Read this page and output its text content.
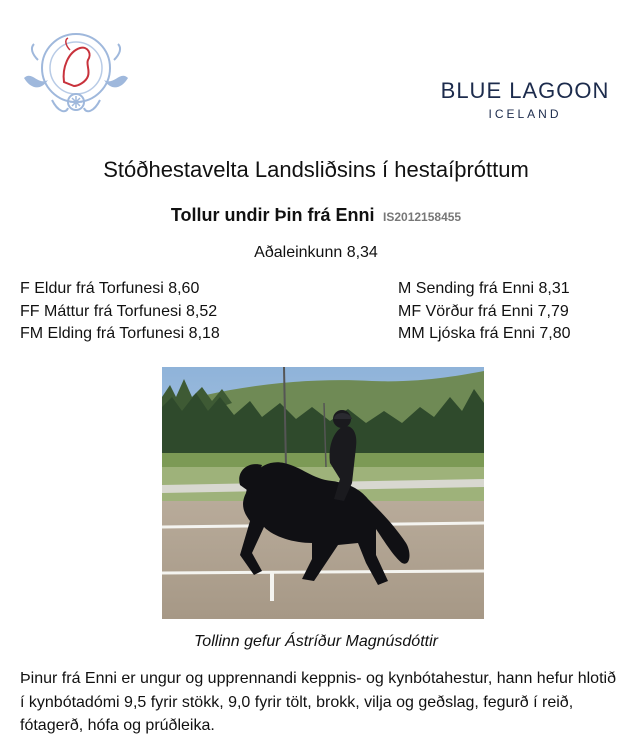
BLUE LAGOON
ICELAND
Stóðhestavelta Landsliðsins í hestaíþróttum
Tollur undir Þin frá Enni IS2012158455
Aðaleinkunn 8,34
F Eldur frá Torfunesi 8,60
FF Máttur frá Torfunesi 8,52
FM Elding frá Torfunesi 8,18
M Sending frá Enni 8,31
MF Vörður frá Enni 7,79
MM Ljóska frá Enni 7,80
Tollinn gefur Ástríður Magnúsdóttir
Þinur frá Enni er ungur og upprennandi keppnis- og kynbótahestur, hann hefur hlotið í kynbótadómi 9,5 fyrir stökk, 9,0 fyrir tölt, brokk, vilja og geðslag, fegurð í reið, fótagerð, hófa og prúðleika.
